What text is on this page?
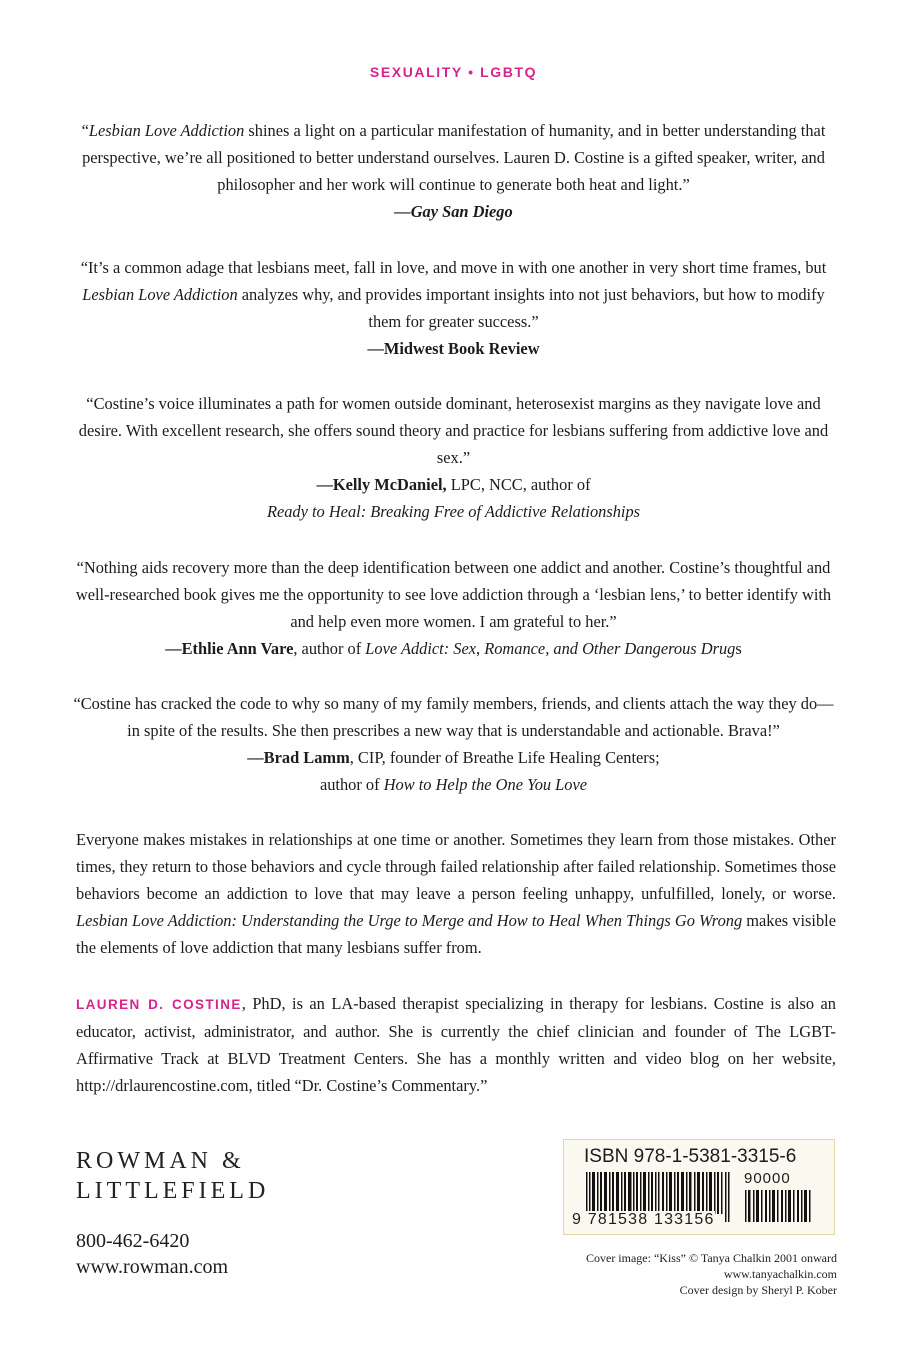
SEXUALITY • LGBTQ

“Lesbian Love Addiction shines a light on a particular manifestation of humanity, and in better understanding that perspective, we’re all positioned to better understand ourselves. Lauren D. Costine is a gifted speaker, writer, and philosopher and her work will continue to generate both heat and light.”

—Gay San Diego

“It’s a common adage that lesbians meet, fall in love, and move in with one another in very short time frames, but Lesbian Love Addiction analyzes why, and provides important insights into not just behaviors, but how to modify them for greater success.”

—Midwest Book Review

“Costine’s voice illuminates a path for women outside dominant, heterosexist margins as they navigate love and desire. With excellent research, she offers sound theory and practice for lesbians suffering from addictive love and sex.”

—Kelly McDaniel, LPC, NCC, author of

Ready to Heal: Breaking Free of Addictive Relationships

“Nothing aids recovery more than the deep identification between one addict and another. Costine’s thoughtful and well-researched book gives me the opportunity to see love addiction through a ‘lesbian lens,’ to better identify with and help even more women. I am grateful to her.”

—Ethlie Ann Vare, author of Love Addict: Sex, Romance, and Other Dangerous Drugs

“Costine has cracked the code to why so many of my family members, friends, and clients attach the way they do—in spite of the results. She then prescribes a new way that is understandable and actionable. Brava!”

—Brad Lamm, CIP, founder of Breathe Life Healing Centers;

author of How to Help the One You Love

Everyone makes mistakes in relationships at one time or another. Sometimes they learn from those mistakes. Other times, they return to those behaviors and cycle through failed relationship after failed relationship. Sometimes those behaviors become an addiction to love that may leave a person feeling unhappy, unfulfilled, lonely, or worse. Lesbian Love Addiction: Understanding the Urge to Merge and How to Heal When Things Go Wrong makes visible the elements of love addiction that many lesbians suffer from.

LAUREN D. COSTINE, PhD, is an LA-based therapist specializing in therapy for lesbians. Costine is also an educator, activist, administrator, and author. She is currently the chief clinician and founder of The LGBT-Affirmative Track at BLVD Treatment Centers. She has a monthly written and video blog on her website, http://drlaurencostine.com, titled “Dr. Costine’s Commentary.”

ROWMAN &
LITTLEFIELD
800-462-6420
www.rowman.com
ISBN 978-1-5381-3315-6
90000
9 781538 133156
Cover image: “Kiss” © Tanya Chalkin 2001 onward
www.tanyachalkin.com
Cover design by Sheryl P. Kober
